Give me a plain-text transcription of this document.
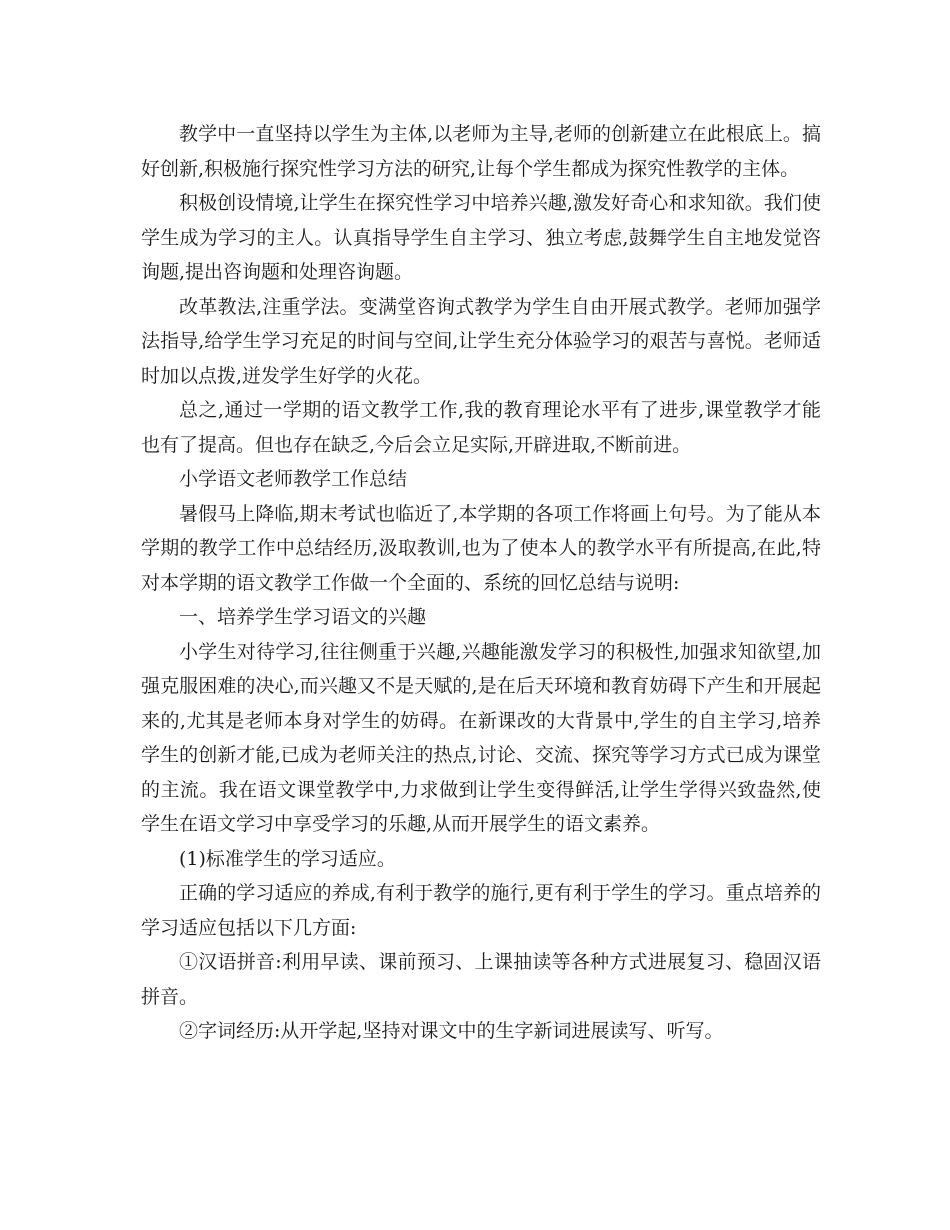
教学中一直坚持以学生为主体,以老师为主导,老师的创新建立在此根底上。搞好创新,积极施行探究性学习方法的研究,让每个学生都成为探究性教学的主体。

积极创设情境,让学生在探究性学习中培养兴趣,激发好奇心和求知欲。我们使学生成为学习的主人。认真指导学生自主学习、独立考虑,鼓舞学生自主地发觉咨询题,提出咨询题和处理咨询题。

改革教法,注重学法。变满堂咨询式教学为学生自由开展式教学。老师加强学法指导,给学生学习充足的时间与空间,让学生充分体验学习的艰苦与喜悦。老师适时加以点拨,迸发学生好学的火花。

总之,通过一学期的语文教学工作,我的教育理论水平有了进步,课堂教学才能也有了提高。但也存在缺乏,今后会立足实际,开辟进取,不断前进。

小学语文老师教学工作总结

暑假马上降临,期末考试也临近了,本学期的各项工作将画上句号。为了能从本学期的教学工作中总结经历,汲取教训,也为了使本人的教学水平有所提高,在此,特对本学期的语文教学工作做一个全面的、系统的回忆总结与说明:

一、培养学生学习语文的兴趣

小学生对待学习,往往侧重于兴趣,兴趣能激发学习的积极性,加强求知欲望,加强克服困难的决心,而兴趣又不是天赋的,是在后天环境和教育妨碍下产生和开展起来的,尤其是老师本身对学生的妨碍。在新课改的大背景中,学生的自主学习,培养学生的创新才能,已成为老师关注的热点,讨论、交流、探究等学习方式已成为课堂的主流。我在语文课堂教学中,力求做到让学生变得鲜活,让学生学得兴致盎然,使学生在语文学习中享受学习的乐趣,从而开展学生的语文素养。

(1)标准学生的学习适应。

正确的学习适应的养成,有利于教学的施行,更有利于学生的学习。重点培养的学习适应包括以下几方面:

①汉语拼音:利用早读、课前预习、上课抽读等各种方式进展复习、稳固汉语拼音。

②字词经历:从开学起,坚持对课文中的生字新词进展读写、听写。
